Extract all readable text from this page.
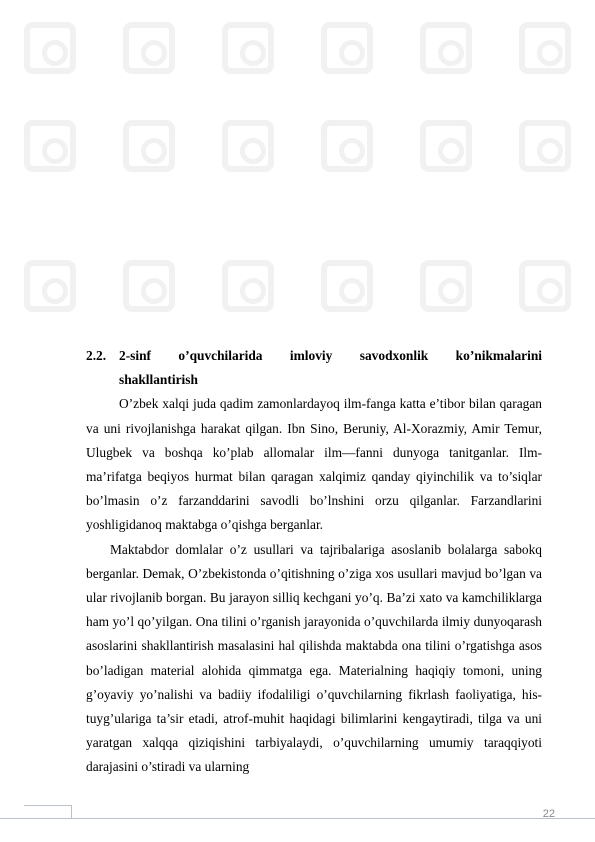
2.2. 2-sinf o’quvchilarida imloviy savodxonlik ko’nikmalarini
shakllantirish

O’zbek xalqi juda qadim zamonlardayoq ilm-fanga katta e’tibor bilan qaragan va uni rivojlanishga harakat qilgan. Ibn Sino, Beruniy, Al-Xorazmiy, Amir Temur, Ulugbek va boshqa ko’plab allomalar ilm—fanni dunyoga tanitganlar. Ilm-ma’rifatga beqiyos hurmat bilan qaragan xalqimiz qanday qiyinchilik va to’siqlar bo’lmasin o’z farzanddarini savodli bo’lnshini orzu qilganlar. Farzandlarini yoshligidanoq maktabga o’qishga berganlar.

Maktabdor domlalar o’z usullari va tajribalariga asoslanib bolalarga sabokq berganlar. Demak, O’zbekistonda o’qitishning o’ziga xos usullari mavjud bo’lgan va ular rivojlanib borgan. Bu jarayon silliq kechgani yo’q. Ba’zi xato va kamchiliklarga ham yo’l qo’yilgan. Ona tilini o’rganish jarayonida o’quvchilarda ilmiy dunyoqarash asoslarini shakllantirish masalasini hal qilishda maktabda ona tilini o’rgatishga asos bo’ladigan material alohida qimmatga ega. Materialning haqiqiy tomoni, uning g’oyaviy yo’nalishi va badiiy ifodaliligi o’quvchilarning fikrlash faoliyatiga, his-tuyg’ulariga ta’sir etadi, atrof-muhit haqidagi bilimlarini kengaytiradi, tilga va uni yaratgan xalqqa qiziqishini tarbiyalaydi, o’quvchilarning umumiy taraqqiyoti darajasini o’stiradi va ularning

22
